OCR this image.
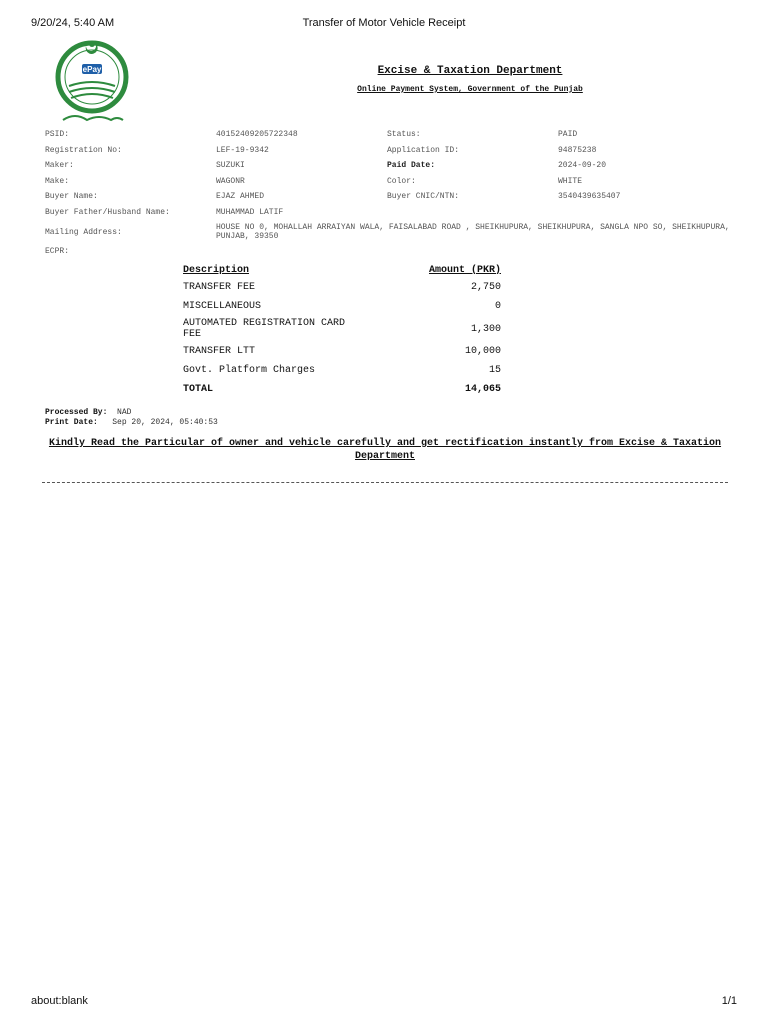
9/20/24, 5:40 AM	Transfer of Motor Vehicle Receipt
ePay	Excise & Taxation Department
Online Payment System, Government of the Punjab
PSID:	40152409205722348	Status:	PAID
Registration No:	LEF-19-9342	Application ID:	94875238
Maker:	SUZUKI	Paid Date:	2024-09-20
Make:	WAGONR	Color:	WHITE
Buyer Name:	EJAZ AHMED	Buyer CNIC/NTN:	3540439635407
Buyer Father/Husband Name:	MUHAMMAD LATIF		
Mailing Address:	HOUSE NO 0, MOHALLAH ARRAIYAN WALA, FAISALABAD ROAD , SHEIKHUPURA, SHEIKHUPURA, SANGLA NPO SO, SHEIKHUPURA, PUNJAB, 39350		
ECPR:			
Description	Amount (PKR)
TRANSFER FEE	2,750
MISCELLANEOUS	0
AUTOMATED REGISTRATION CARD FEE	1,300
TRANSFER LTT	10,000
Govt. Platform Charges	15
TOTAL	14,065
Processed By: NAD
Print Date: Sep 20, 2024, 05:40:53
Kindly Read the Particular of owner and vehicle carefully and get rectification instantly from Excise & Taxation Department
about:blank	1/1
